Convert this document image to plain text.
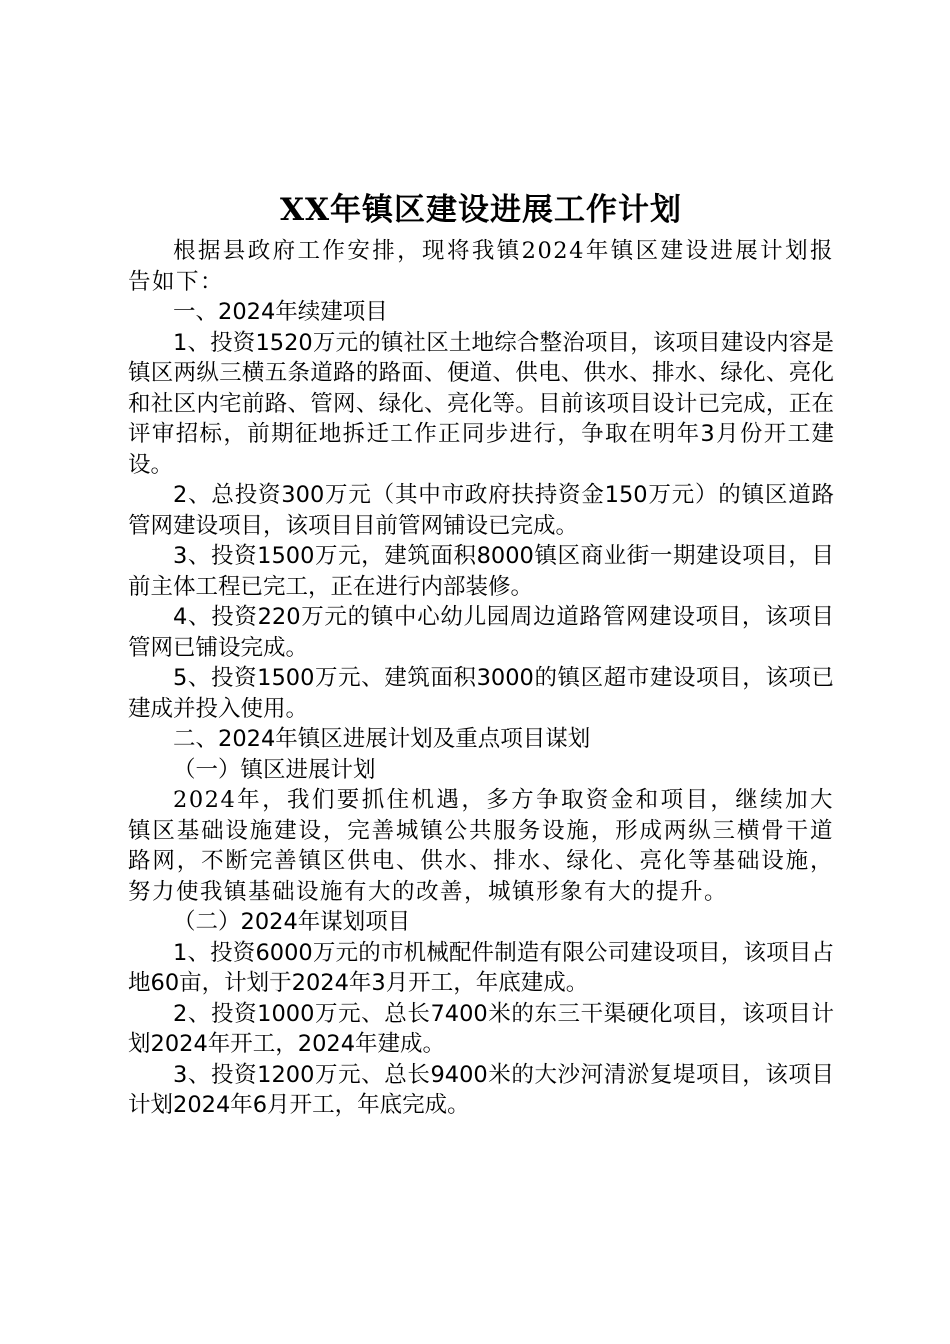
XX年镇区建设进展工作计划

根据县政府工作安排，现将我镇2024年镇区建设进展计划报告如下：

一、2024年续建项目

1、投资1520万元的镇社区土地综合整治项目，该项目建设内容是镇区两纵三横五条道路的路面、便道、供电、供水、排水、绿化、亮化和社区内宅前路、管网、绿化、亮化等。目前该项目设计已完成，正在评审招标，前期征地拆迁工作正同步进行，争取在明年3月份开工建设。

2、总投资300万元（其中市政府扶持资金150万元）的镇区道路管网建设项目，该项目目前管网铺设已完成。

3、投资1500万元，建筑面积8000镇区商业街一期建设项目，目前主体工程已完工，正在进行内部装修。

4、投资220万元的镇中心幼儿园周边道路管网建设项目，该项目管网已铺设完成。

5、投资1500万元、建筑面积3000的镇区超市建设项目，该项已建成并投入使用。

二、2024年镇区进展计划及重点项目谋划

（一）镇区进展计划

2024年，我们要抓住机遇，多方争取资金和项目，继续加大镇区基础设施建设，完善城镇公共服务设施，形成两纵三横骨干道路网，不断完善镇区供电、供水、排水、绿化、亮化等基础设施，努力使我镇基础设施有大的改善，城镇形象有大的提升。

（二）2024年谋划项目

1、投资6000万元的市机械配件制造有限公司建设项目，该项目占地60亩，计划于2024年3月开工，年底建成。

2、投资1000万元、总长7400米的东三干渠硬化项目，该项目计划2024年开工，2024年建成。

3、投资1200万元、总长9400米的大沙河清淤复堤项目，该项目计划2024年6月开工，年底完成。
